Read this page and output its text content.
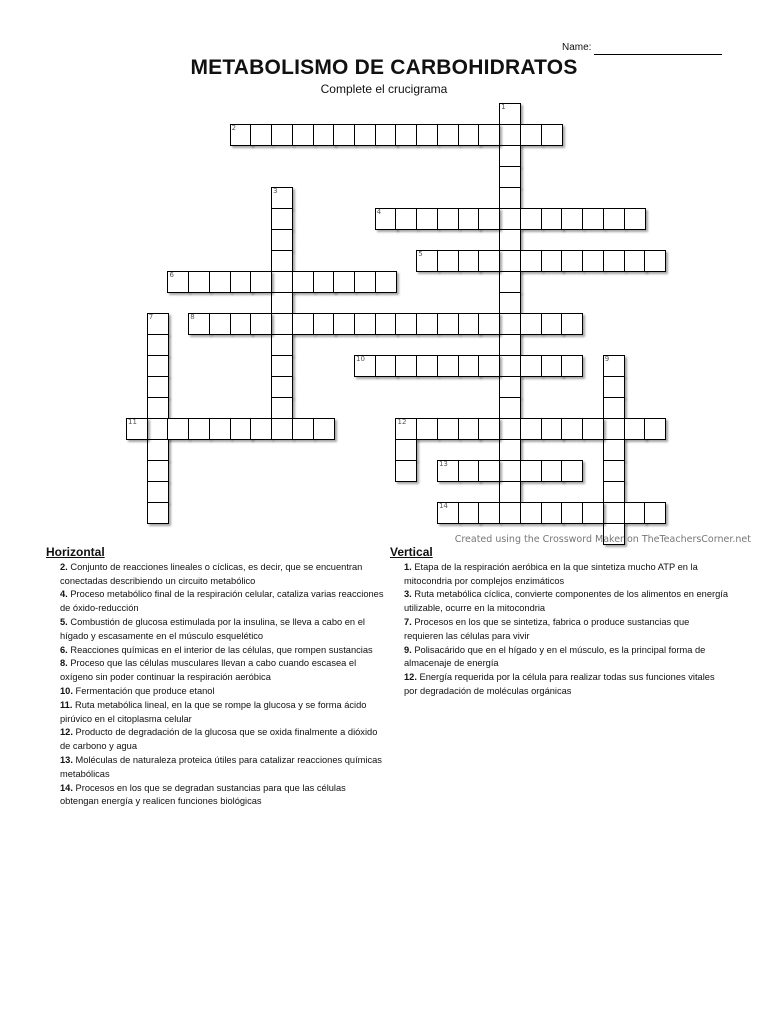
Name:
METABOLISMO DE CARBOHIDRATOS
Complete el crucigrama
1
2
3
4
5
6
7	8
9
10
11	12
13
14
Created using the Crossword Maker on TheTeachersCorner.net
Horizontal
2. Conjunto de reacciones lineales o cíclicas, es decir, que se encuentran conectadas describiendo un circuito metabólico
4. Proceso metabólico final de la respiración celular, cataliza varias reacciones de óxido-reducción
5. Combustión de glucosa estimulada por la insulina, se lleva a cabo en el hígado y escasamente en el músculo esquelético
6. Reacciones químicas en el interior de las células, que rompen sustancias
8. Proceso que las células musculares llevan a cabo cuando escasea el oxígeno sin poder continuar la respiración aeróbica
10. Fermentación que produce etanol
11. Ruta metabólica lineal, en la que se rompe la glucosa y se forma ácido pirúvico en el citoplasma celular
12. Producto de degradación de la glucosa que se oxida finalmente a dióxido de carbono y agua
13. Moléculas de naturaleza proteica útiles para catalizar reacciones químicas metabólicas
14. Procesos en los que se degradan sustancias para que las células obtengan energía y realicen funciones biológicas
Vertical
1. Etapa de la respiración aeróbica en la que sintetiza mucho ATP en la mitocondria por complejos enzimáticos
3. Ruta metabólica cíclica, convierte componentes de los alimentos en energía utilizable, ocurre en la mitocondria
7. Procesos en los que se sintetiza, fabrica o produce sustancias que requieren las células para vivir
9. Polisacárido que en el hígado y en el músculo, es la principal forma de almacenaje de energía
12. Energía requerida por la célula para realizar todas sus funciones vitales por degradación de moléculas orgánicas
